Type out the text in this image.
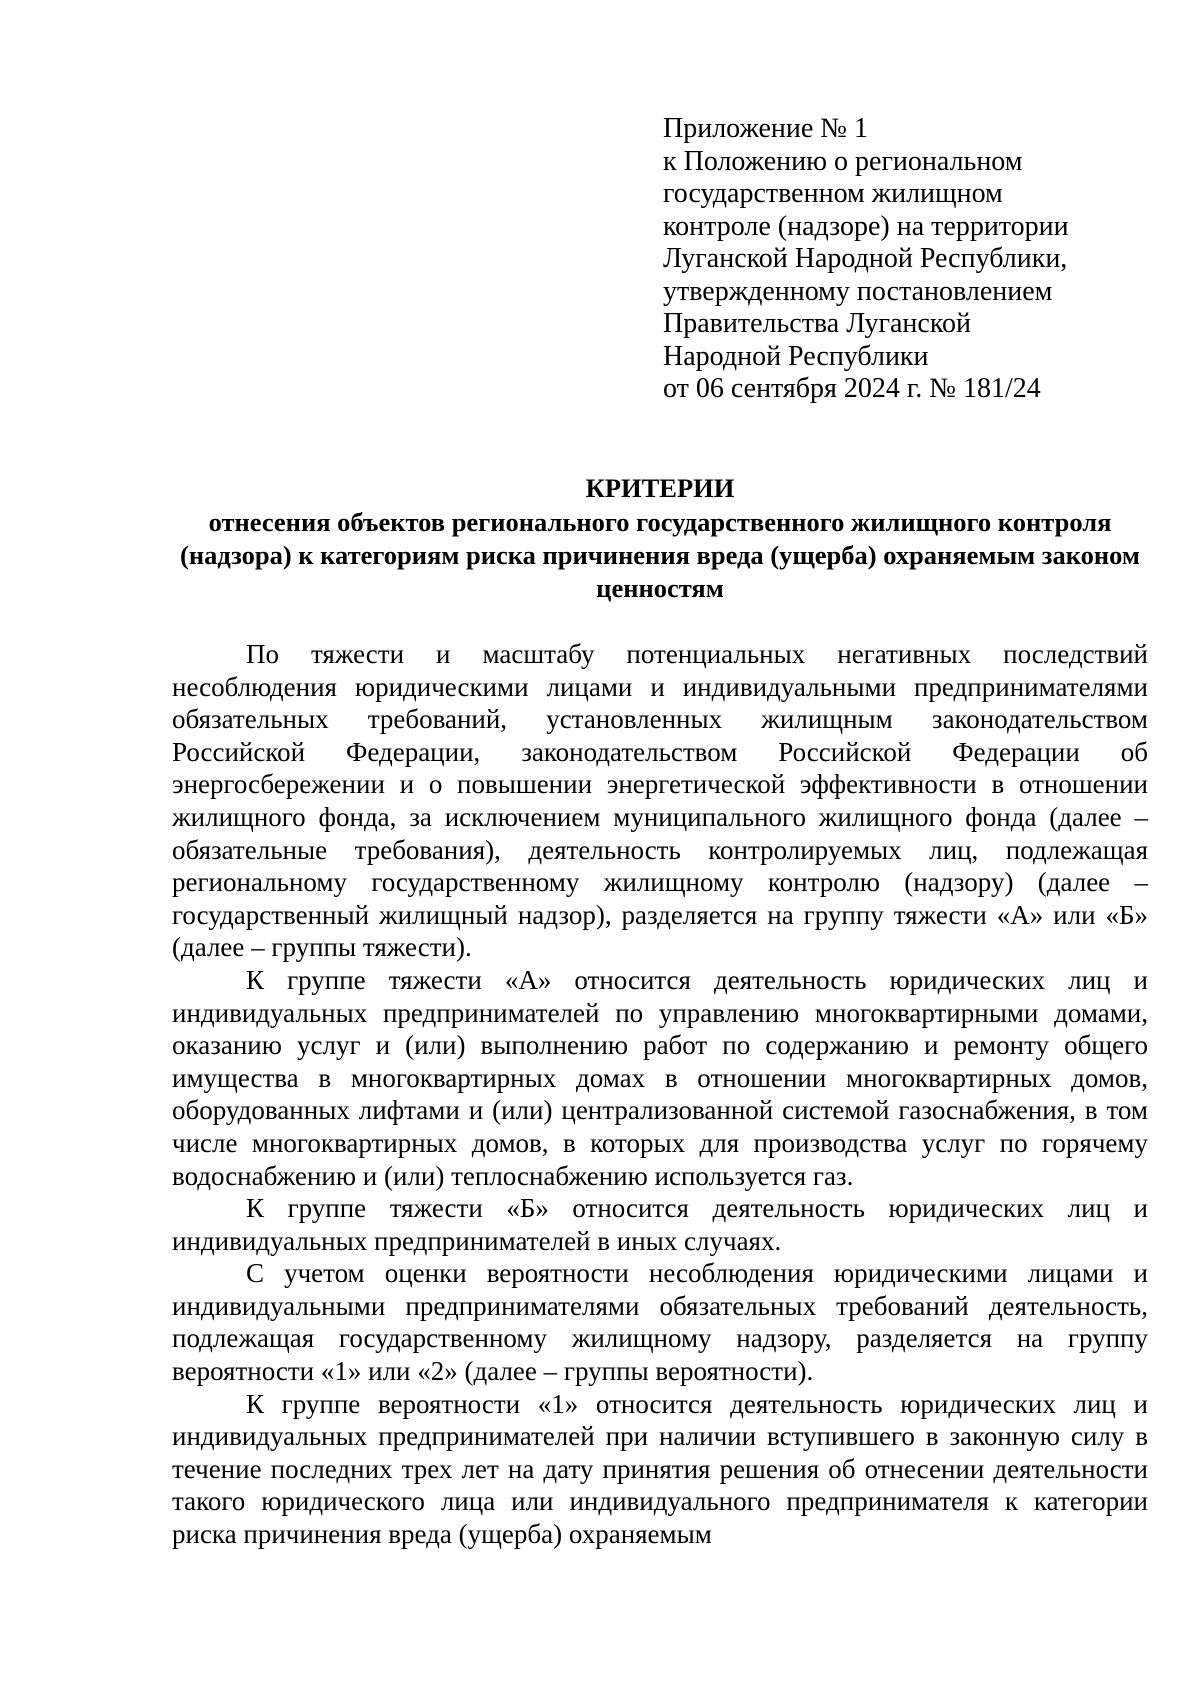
Приложение № 1
к Положению о региональном
государственном жилищном
контроле (надзоре) на территории
Луганской Народной Республики,
утвержденному постановлением
Правительства Луганской
Народной Республики
от 06 сентября 2024 г. № 181/24
КРИТЕРИИ
отнесения объектов регионального государственного жилищного контроля (надзора) к категориям риска причинения вреда (ущерба) охраняемым законом ценностям

По тяжести и масштабу потенциальных негативных последствий несоблюдения юридическими лицами и индивидуальными предпринимателями обязательных требований, установленных жилищным законодательством Российской Федерации, законодательством Российской Федерации об энергосбережении и о повышении энергетической эффективности в отношении жилищного фонда, за исключением муниципального жилищного фонда (далее – обязательные требования), деятельность контролируемых лиц, подлежащая региональному государственному жилищному контролю (надзору) (далее – государственный жилищный надзор), разделяется на группу тяжести «А» или «Б» (далее – группы тяжести).

К группе тяжести «А» относится деятельность юридических лиц и индивидуальных предпринимателей по управлению многоквартирными домами, оказанию услуг и (или) выполнению работ по содержанию и ремонту общего имущества в многоквартирных домах в отношении многоквартирных домов, оборудованных лифтами и (или) централизованной системой газоснабжения, в том числе многоквартирных домов, в которых для производства услуг по горячему водоснабжению и (или) теплоснабжению используется газ.

К группе тяжести «Б» относится деятельность юридических лиц и индивидуальных предпринимателей в иных случаях.

С учетом оценки вероятности несоблюдения юридическими лицами и индивидуальными предпринимателями обязательных требований деятельность, подлежащая государственному жилищному надзору, разделяется на группу вероятности «1» или «2» (далее – группы вероятности).

К группе вероятности «1» относится деятельность юридических лиц и индивидуальных предпринимателей при наличии вступившего в законную силу в течение последних трех лет на дату принятия решения об отнесении деятельности такого юридического лица или индивидуального предпринимателя к категории риска причинения вреда (ущерба) охраняемым
